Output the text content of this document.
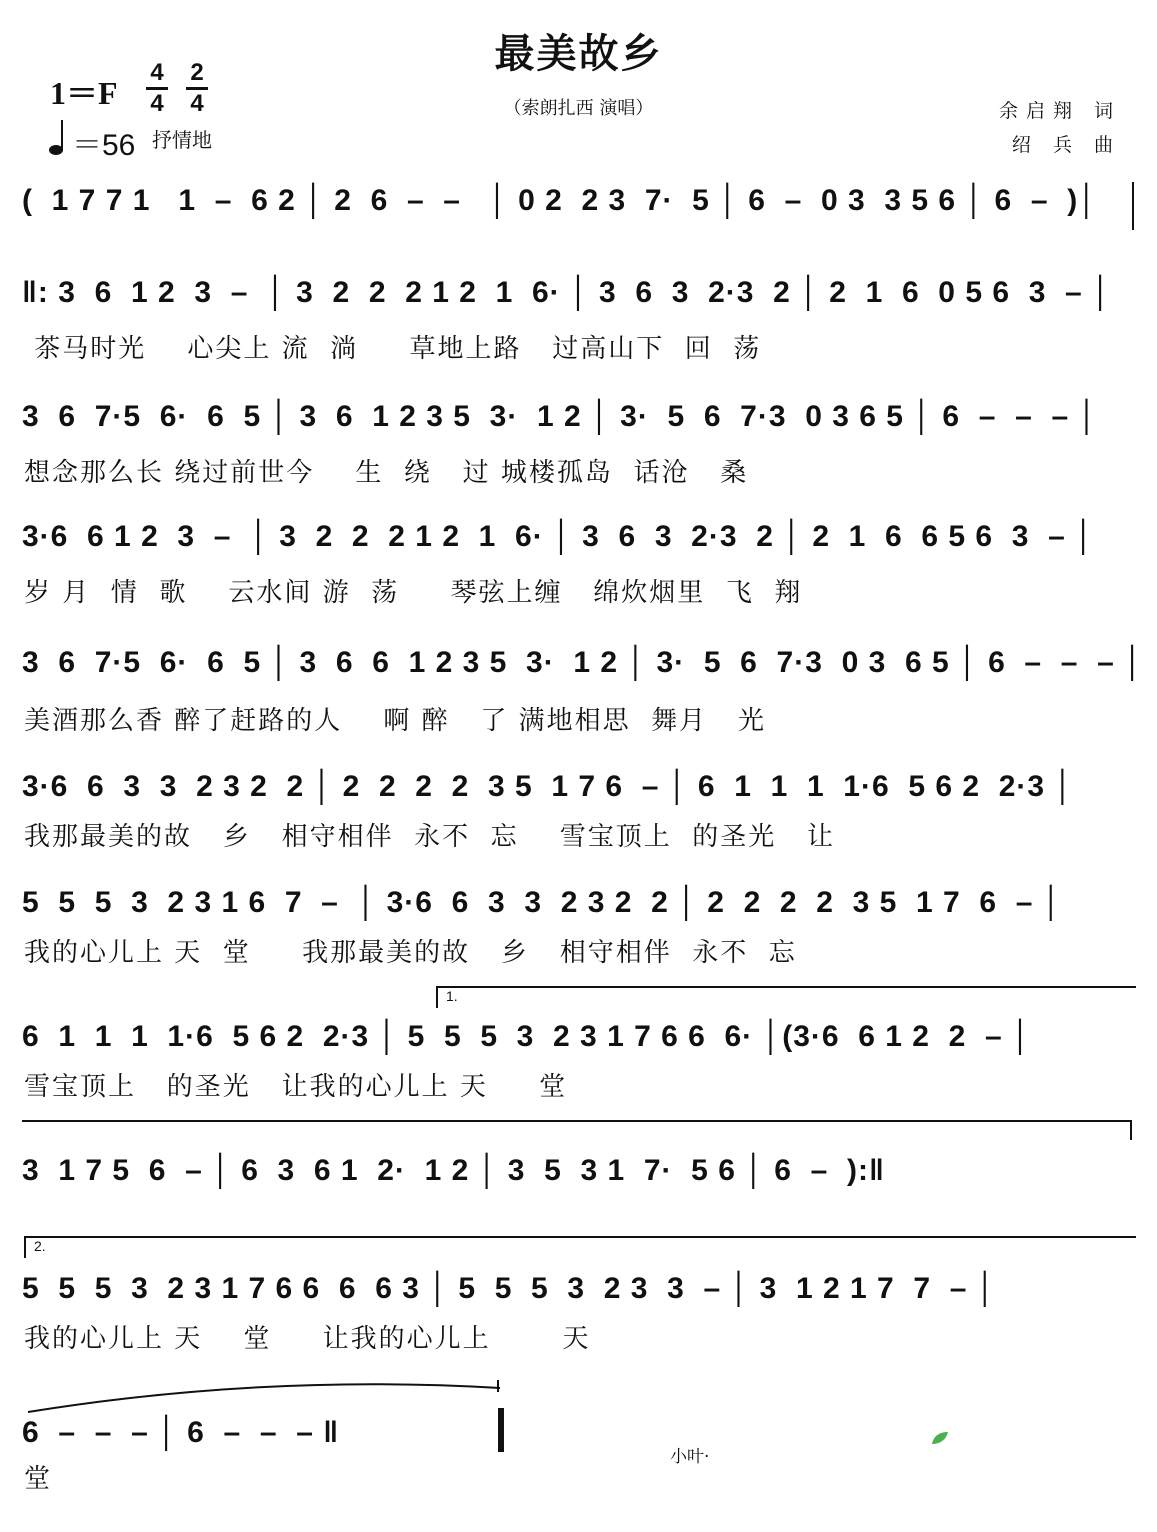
最美故乡
（索朗扎西 演唱）	余启翔 词
绍 兵 曲
1＝F
4
4
2
4
＝56 抒情地
(  1 7 7 1   1  –  6 2 │ 2  6  –  –   │ 0 2  2 3  7·  5 │ 6  –  0 3  3 5 6 │ 6  –  )│
‖: 3  6  1 2  3  –  │ 3  2  2  2 1 2  1  6· │ 3  6  3  2·3  2 │ 2  1  6  0 5 6  3  – │
茶马时光    心尖上 流  淌     草地上路   过高山下  回  荡
3  6  7·5  6·  6  5 │ 3  6  1 2 3 5  3·  1 2 │ 3·  5  6  7·3  0 3 6 5 │ 6  –  –  – │
想念那么长 绕过前世今    生  绕   过 城楼孤岛  话沧   桑
3·6  6 1 2  3  –  │ 3  2  2  2 1 2  1  6· │ 3  6  3  2·3  2 │ 2  1  6  6 5 6  3  – │
岁 月  情  歌    云水间 游  荡     琴弦上缠   绵炊烟里  飞  翔
3  6  7·5  6·  6  5 │ 3  6  6  1 2 3 5  3·  1 2 │ 3·  5  6  7·3  0 3  6 5 │ 6  –  –  – │
美酒那么香 醉了赶路的人    啊 醉   了 满地相思  舞月   光
3·6  6  3  3  2 3 2  2 │ 2  2  2  2  3 5  1 7 6  – │ 6  1  1  1  1·6  5 6 2  2·3 │
我那最美的故   乡   相守相伴  永不  忘    雪宝顶上  的圣光   让
5  5  5  3  2 3 1 6  7  –  │ 3·6  6  3  3  2 3 2  2 │ 2  2  2  2  3 5  1 7  6  – │
我的心儿上 天  堂     我那最美的故   乡   相守相伴  永不  忘
1.
6  1  1  1  1·6  5 6 2  2·3 │ 5  5  5  3  2 3 1 7 6 6  6· │(3·6  6 1 2  2  – │
雪宝顶上   的圣光   让我的心儿上 天     堂
3  1 7 5  6  – │ 6  3  6 1  2·  1 2 │ 3  5  3 1  7·  5 6 │ 6  –  ):‖
2.
5  5  5  3  2 3 1 7 6 6  6  6 3 │ 5  5  5  3  2 3  3  – │ 3  1 2 1 7  7  – │
我的心儿上 天    堂     让我的心儿上       天
6  –  –  – │ 6  –  –  – ‖
堂
小叶·
